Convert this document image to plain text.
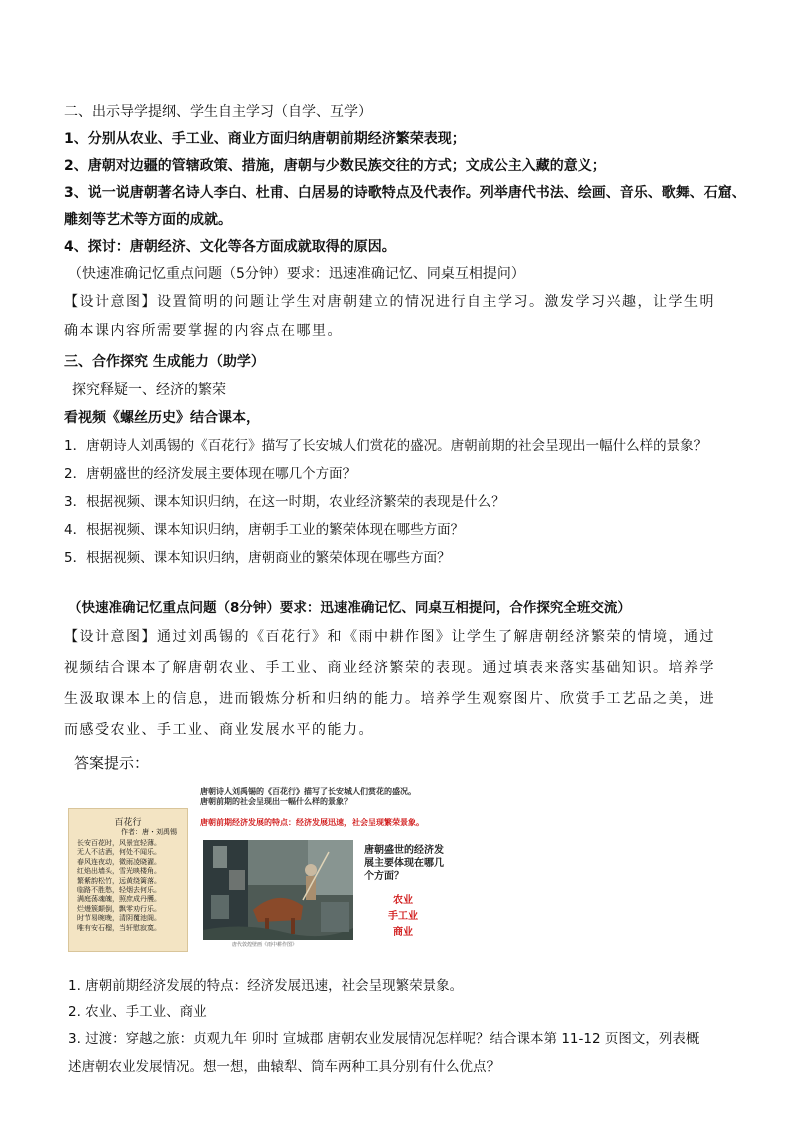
二、出示导学提纲、学生自主学习（自学、互学）
1、分别从农业、手工业、商业方面归纳唐朝前期经济繁荣表现；
2、唐朝对边疆的管辖政策、措施，唐朝与少数民族交往的方式；文成公主入藏的意义；
3、说一说唐朝著名诗人李白、杜甫、白居易的诗歌特点及代表作。列举唐代书法、绘画、音乐、歌舞、石窟、
雕刻等艺术等方面的成就。
4、探讨：唐朝经济、文化等各方面成就取得的原因。
（快速准确记忆重点问题（5分钟）要求：迅速准确记忆、同桌互相提问）
【设计意图】设置简明的问题让学生对唐朝建立的情况进行自主学习。激发学习兴趣，让学生明
确本课内容所需要掌握的内容点在哪里。
三、合作探究 生成能力（助学）
探究释疑一、经济的繁荣
看视频《螺丝历史》结合课本，
1．唐朝诗人刘禹锡的《百花行》描写了长安城人们赏花的盛况。唐朝前期的社会呈现出一幅什么样的景象？
2．唐朝盛世的经济发展主要体现在哪几个方面？
3．根据视频、课本知识归纳，在这一时期，农业经济繁荣的表现是什么？
4．根据视频、课本知识归纳，唐朝手工业的繁荣体现在哪些方面？
5．根据视频、课本知识归纳，唐朝商业的繁荣体现在哪些方面？
（快速准确记忆重点问题（8分钟）要求：迅速准确记忆、同桌互相提问，合作探究全班交流）
【设计意图】通过刘禹锡的《百花行》和《雨中耕作图》让学生了解唐朝经济繁荣的情境，通过
视频结合课本了解唐朝农业、手工业、商业经济繁荣的表现。通过填表来落实基础知识。培养学
生汲取课本上的信息，进而锻炼分析和归纳的能力。培养学生观察图片、欣赏手工艺品之美，进
而感受农业、手工业、商业发展水平的能力。
答案提示：
百花行
作者：唐・刘禹锡
长安百花时，风景宜轻薄。
无人不沽酒，何处不闻乐。
春风连夜动，微雨凌晓濯。
红焰出墙头，雪光映楼角。
繁紫韵松竹，远黄绕篱落。
临路不胜愁，轻烟去何乐。
满庭荡魂魄，照庶成丹雘。
烂熳簇颠倒，飘零劝行乐。
时节易晼晚，清阴覆池阁。
唯有安石榴，当轩慰寂寞。
唐朝诗人刘禹锡的《百花行》描写了长安城人们赏花的盛况。唐朝前期的社会呈现出一幅什么样的景象？
唐朝前期经济发展的特点：经济发展迅速，社会呈现繁荣景象。
唐代敦煌壁画《雨中耕作图》
唐朝盛世的经济发展主要体现在哪几个方面？
农业
手工业
商业
1. 唐朝前期经济发展的特点：经济发展迅速，社会呈现繁荣景象。
2. 农业、手工业、商业
3. 过渡：穿越之旅：贞观九年 卯时 宣城郡 唐朝农业发展情况怎样呢？结合课本第 11-12 页图文，列表概
述唐朝农业发展情况。想一想，曲辕犁、筒车两种工具分别有什么优点？
